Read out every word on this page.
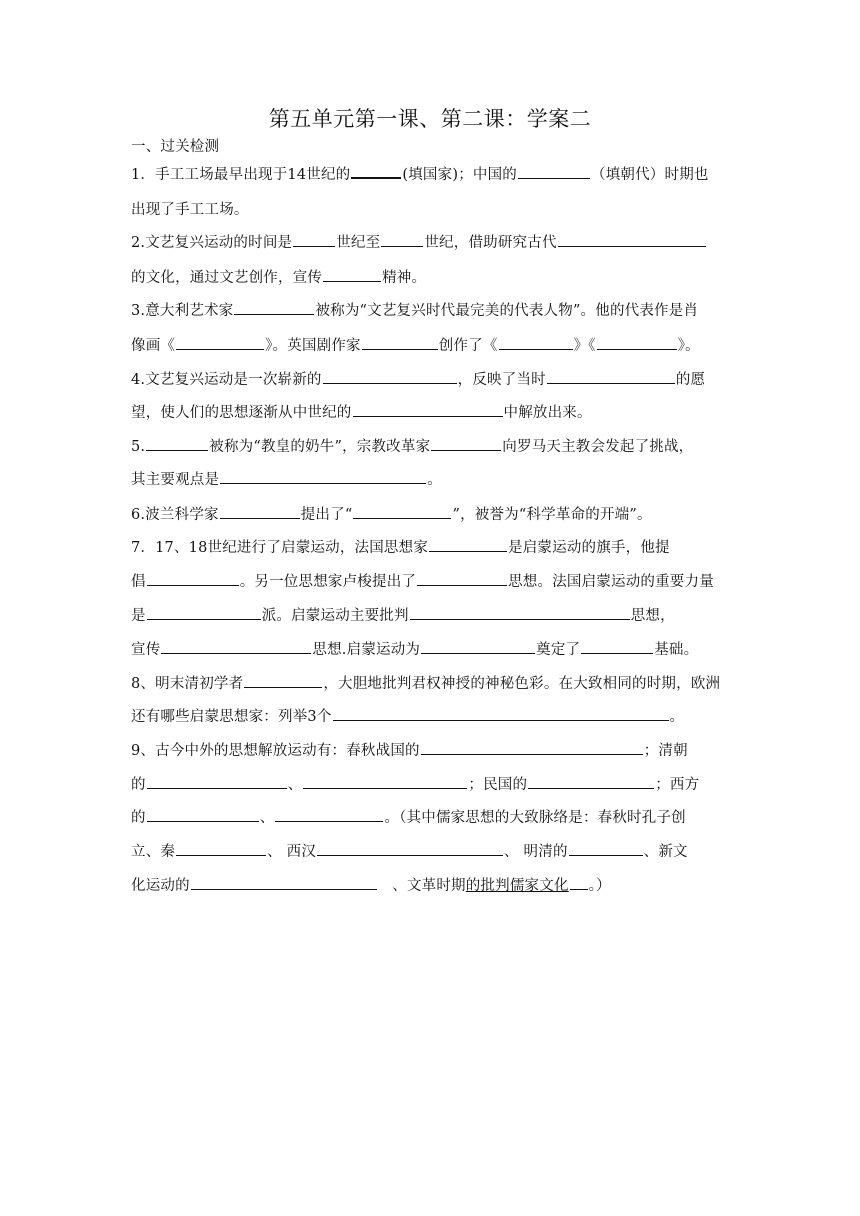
第五单元第一课、第二课：学案二
一、过关检测
1．手工工场最早出现于14世纪的	(填国家)；中国的	（填朝代）时期也
出现了手工工场。
2.文艺复兴运动的时间是	世纪至	世纪，借助研究古代
的文化，通过文艺创作，宣传	精神。
3.意大利艺术家	被称为“文艺复兴时代最完美的代表人物”。他的代表作是肖
像画《	》。英国剧作家	创作了《	》《	》。
4.文艺复兴运动是一次崭新的	，反映了当时	的愿
望，使人们的思想逐渐从中世纪的	中解放出来。
5.	被称为“教皇的奶牛”，宗教改革家	向罗马天主教会发起了挑战，
其主要观点是	。
6.波兰科学家	提出了“	”，被誉为“科学革命的开端”。
7．17、18世纪进行了启蒙运动，法国思想家	是启蒙运动的旗手，他提
倡	。另一位思想家卢梭提出了	思想。法国启蒙运动的重要力量
是	派。启蒙运动主要批判	思想，
宣传	思想.启蒙运动为	奠定了	基础。
8、明末清初学者	，大胆地批判君权神授的神秘色彩。在大致相同的时期，欧洲
还有哪些启蒙思想家：列举3个	。
9、古今中外的思想解放运动有：春秋战国的	；清朝
的	、	；民国的	；西方
的	、	。（其中儒家思想的大致脉络是：春秋时孔子创
立、秦	、 西汉	、 明清的	、新文
化运动的	、文革时期的批判儒家文化 。）
